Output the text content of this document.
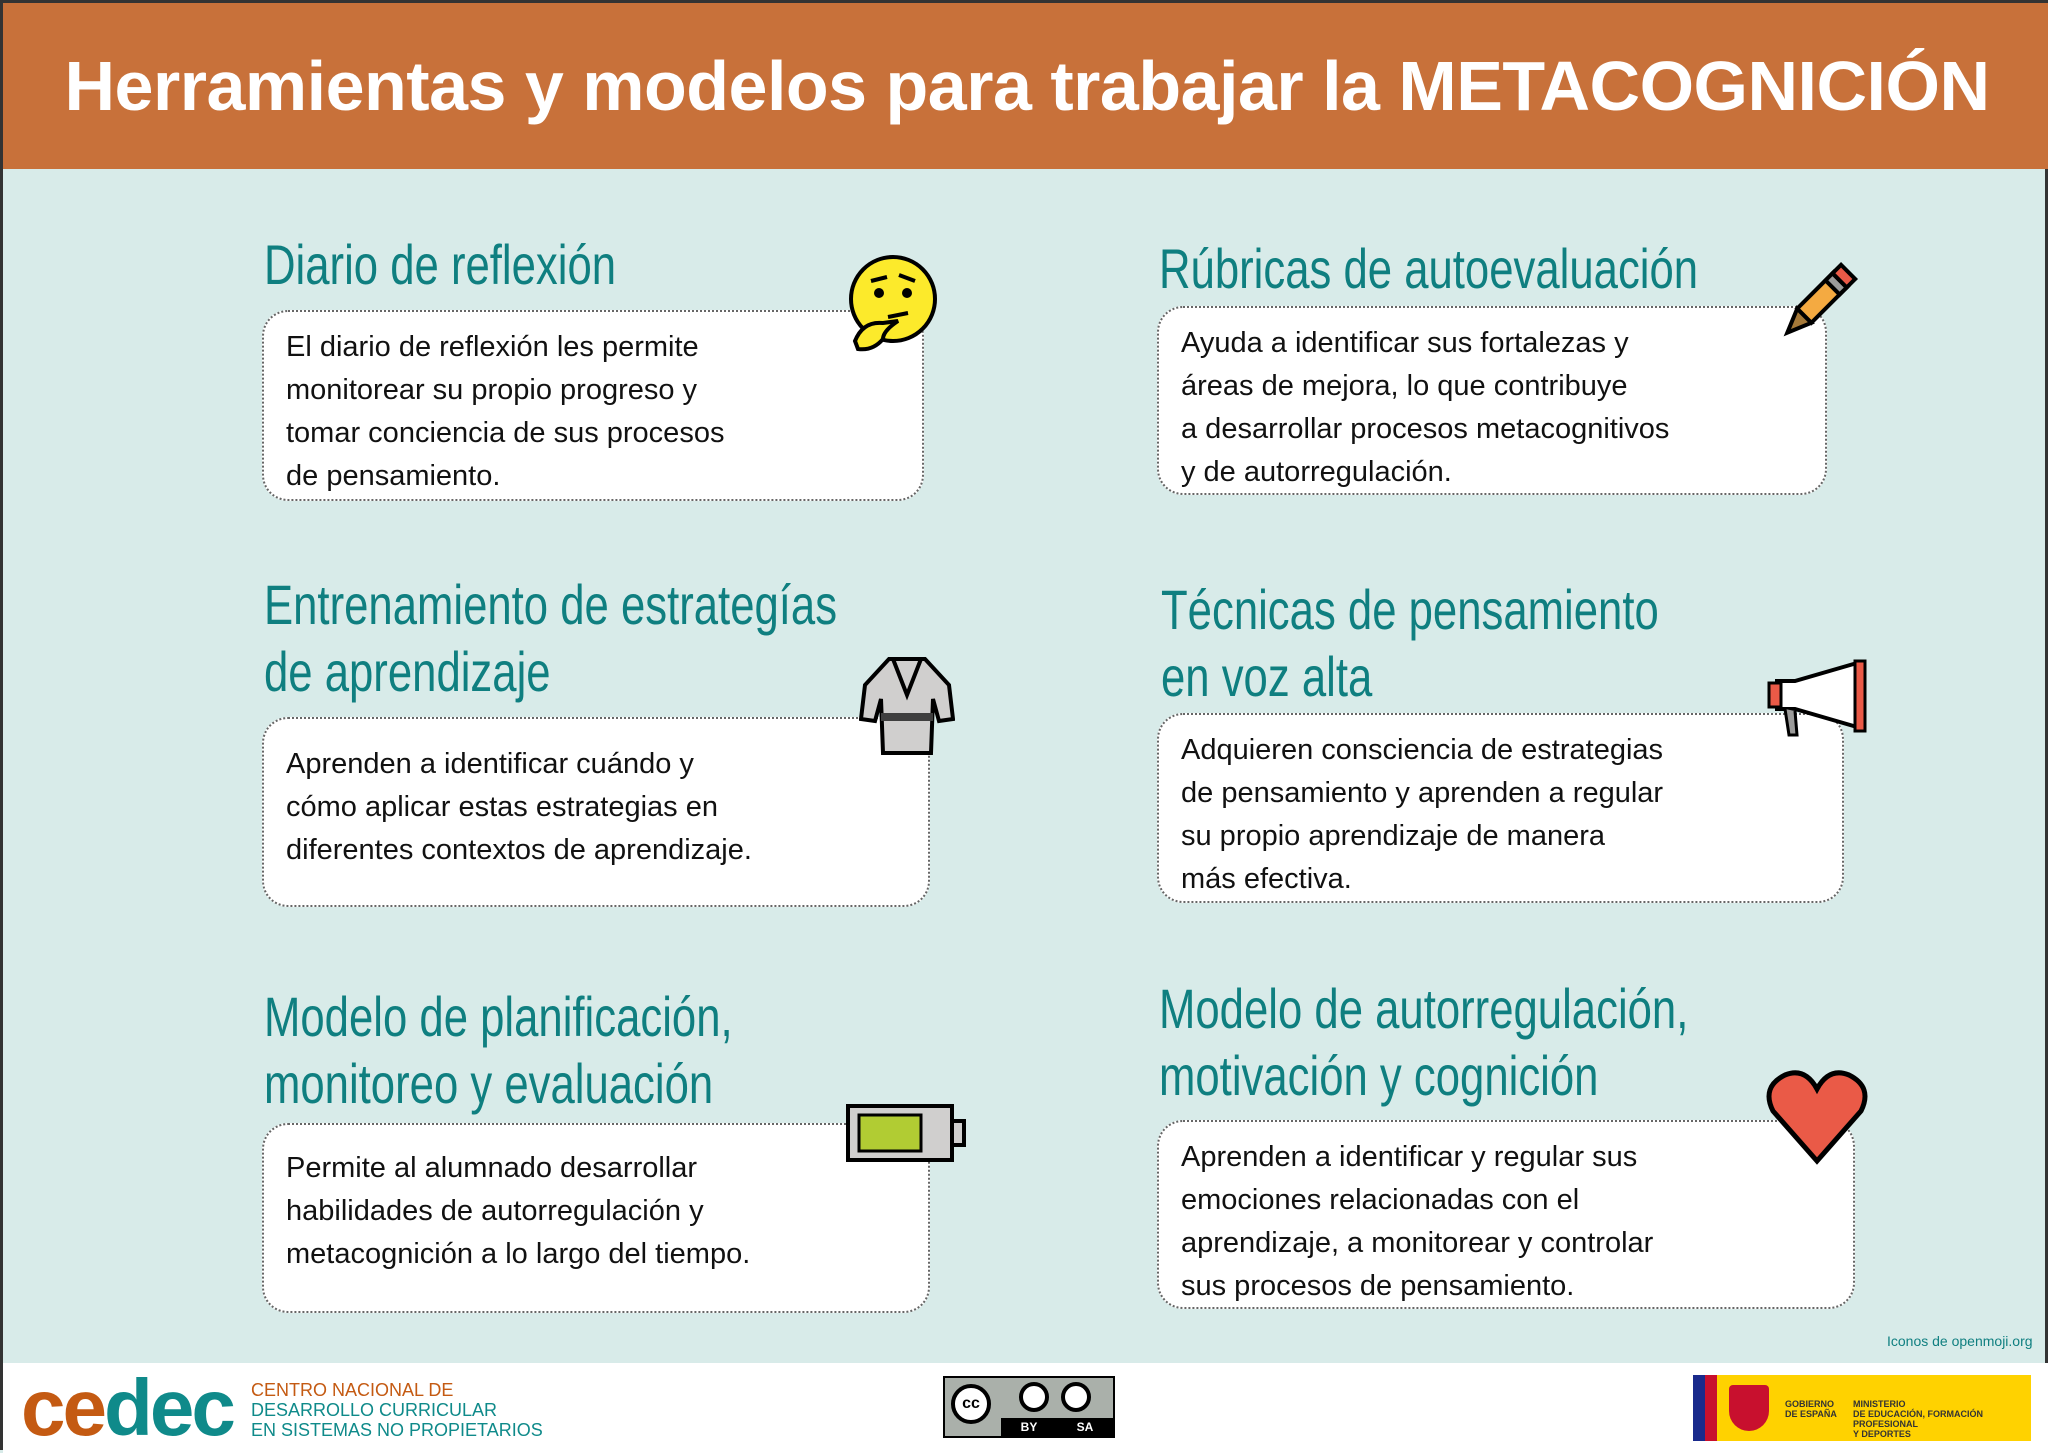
Herramientas y modelos para trabajar la METACOGNICIÓN
Diario de reflexión
El diario de reflexión les permite
monitorear su propio progreso y
tomar conciencia de sus procesos
de pensamiento.
Rúbricas de autoevaluación
Ayuda a identificar sus fortalezas y
áreas de mejora, lo que contribuye
a desarrollar procesos metacognitivos
y de autorregulación.
Entrenamiento de estrategías
de aprendizaje
Aprenden a identificar cuándo y
cómo aplicar estas estrategias en
diferentes contextos de aprendizaje.
Técnicas de pensamiento
en voz alta
Adquieren consciencia de estrategias
de pensamiento y aprenden a regular
su propio aprendizaje de manera
más efectiva.
Modelo de planificación,
monitoreo y evaluación
Permite al alumnado desarrollar
habilidades de autorregulación y
metacognición a lo largo del tiempo.
Modelo de autorregulación,
motivación y cognición
Aprenden a identificar y regular sus
emociones relacionadas con el
aprendizaje, a monitorear y controlar
sus procesos de pensamiento.
Iconos de openmoji.org
cedec CENTRO NACIONAL DE
DESARROLLO CURRICULAR
EN SISTEMAS NO PROPIETARIOS
cc
BY	SA
GOBIERNO
DE ESPAÑA
MINISTERIO
DE EDUCACIÓN, FORMACIÓN PROFESIONAL
Y DEPORTES
